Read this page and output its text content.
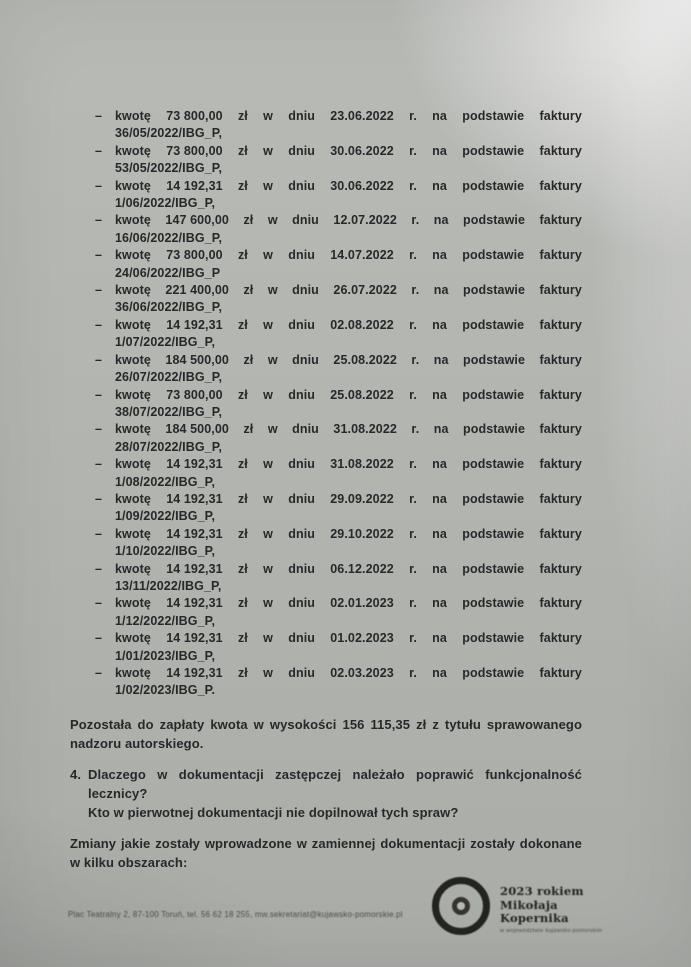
– kwotę 73 800,00 zł w dniu 23.06.2022 r. na podstawie faktury
36/05/2022/IBG_P,
– kwotę 73 800,00 zł w dniu 30.06.2022 r. na podstawie faktury
53/05/2022/IBG_P,
– kwotę 14 192,31 zł w dniu 30.06.2022 r. na podstawie faktury
1/06/2022/IBG_P,
– kwotę 147 600,00 zł w dniu 12.07.2022 r. na podstawie faktury
16/06/2022/IBG_P,
– kwotę 73 800,00 zł w dniu 14.07.2022 r. na podstawie faktury
24/06/2022/IBG_P
– kwotę 221 400,00 zł w dniu 26.07.2022 r. na podstawie faktury
36/06/2022/IBG_P,
– kwotę 14 192,31 zł w dniu 02.08.2022 r. na podstawie faktury
1/07/2022/IBG_P,
– kwotę 184 500,00 zł w dniu 25.08.2022 r. na podstawie faktury
26/07/2022/IBG_P,
– kwotę 73 800,00 zł w dniu 25.08.2022 r. na podstawie faktury
38/07/2022/IBG_P,
– kwotę 184 500,00 zł w dniu 31.08.2022 r. na podstawie faktury
28/07/2022/IBG_P,
– kwotę 14 192,31 zł w dniu 31.08.2022 r. na podstawie faktury
1/08/2022/IBG_P,
– kwotę 14 192,31 zł w dniu 29.09.2022 r. na podstawie faktury
1/09/2022/IBG_P,
– kwotę 14 192,31 zł w dniu 29.10.2022 r. na podstawie faktury
1/10/2022/IBG_P,
– kwotę 14 192,31 zł w dniu 06.12.2022 r. na podstawie faktury
13/11/2022/IBG_P,
– kwotę 14 192,31 zł w dniu 02.01.2023 r. na podstawie faktury
1/12/2022/IBG_P,
– kwotę 14 192,31 zł w dniu 01.02.2023 r. na podstawie faktury
1/01/2023/IBG_P,
– kwotę 14 192,31 zł w dniu 02.03.2023 r. na podstawie faktury
1/02/2023/IBG_P.
Pozostała do zapłaty kwota w wysokości 156 115,35 zł z tytułu sprawowanego
nadzoru autorskiego.
4. Dlaczego w dokumentacji zastępczej należało poprawić funkcjonalność lecznicy?
Kto w pierwotnej dokumentacji nie dopilnował tych spraw?
Zmiany jakie zostały wprowadzone w zamiennej dokumentacji zostały dokonane
w kilku obszarach:
Plac Teatralny 2, 87-100 Toruń, tel. 56 62 18 255, mw.sekretariat@kujawsko-pomorskie.pl
2023 rokiem
Mikołaja Kopernika
w województwie kujawsko-pomorskim
